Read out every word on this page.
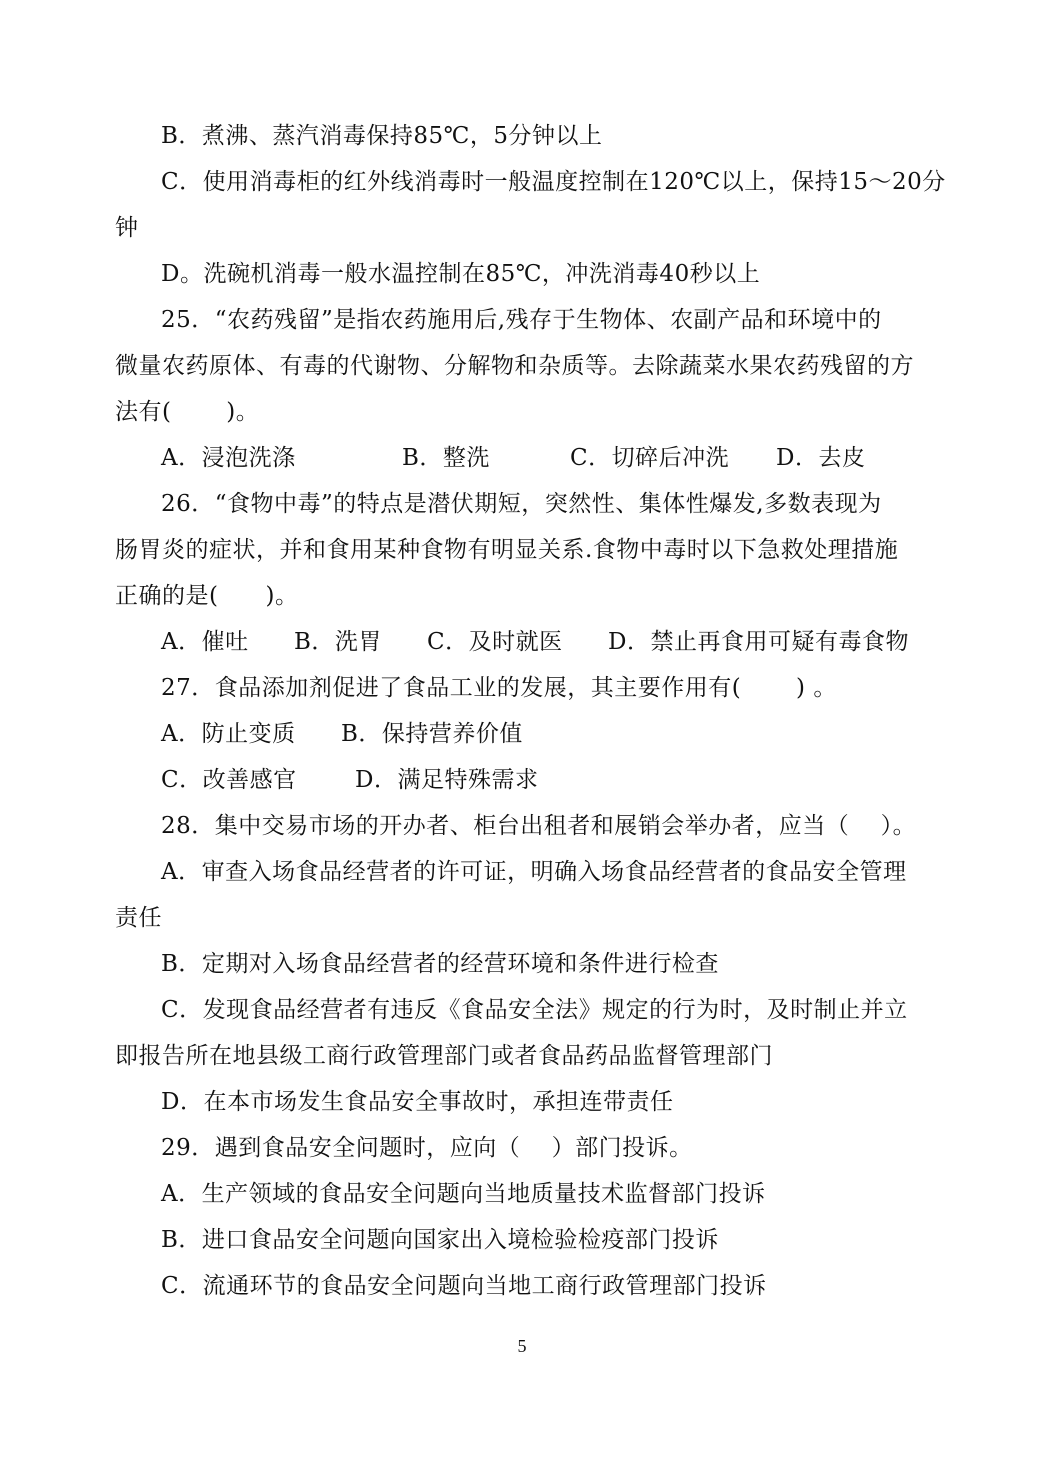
B．煮沸、蒸汽消毒保持85℃，5分钟以上
C．使用消毒柜的红外线消毒时一般温度控制在120℃以上，保持15～20分
钟
D。洗碗机消毒一般水温控制在85℃，冲洗消毒40秒以上
25．“农药残留”是指农药施用后,残存于生物体、农副产品和环境中的
微量农药原体、有毒的代谢物、分解物和杂质等。去除蔬菜水果农药残留的方
法有(　　 )。
A．浸泡洗涤	B．整洗	C．切碎后冲洗	D．去皮
26．“食物中毒”的特点是潜伏期短，突然性、集体性爆发,多数表现为
肠胃炎的症状，并和食用某种食物有明显关系.食物中毒时以下急救处理措施
正确的是(　　)。
A．催吐	B．洗胃	C．及时就医	D．禁止再食用可疑有毒食物
27．食品添加剂促进了食品工业的发展，其主要作用有(　　 ) 。
A．防止变质	B．保持营养价值
C．改善感官	D．满足特殊需求
28．集中交易市场的开办者、柜台出租者和展销会举办者，应当（　 ）。
A．审查入场食品经营者的许可证，明确入场食品经营者的食品安全管理
责任
B．定期对入场食品经营者的经营环境和条件进行检查
C．发现食品经营者有违反《食品安全法》规定的行为时，及时制止并立
即报告所在地县级工商行政管理部门或者食品药品监督管理部门
D．在本市场发生食品安全事故时，承担连带责任
29．遇到食品安全问题时，应向（　 ）部门投诉。
A．生产领域的食品安全问题向当地质量技术监督部门投诉
B．进口食品安全问题向国家出入境检验检疫部门投诉
C．流通环节的食品安全问题向当地工商行政管理部门投诉
5
